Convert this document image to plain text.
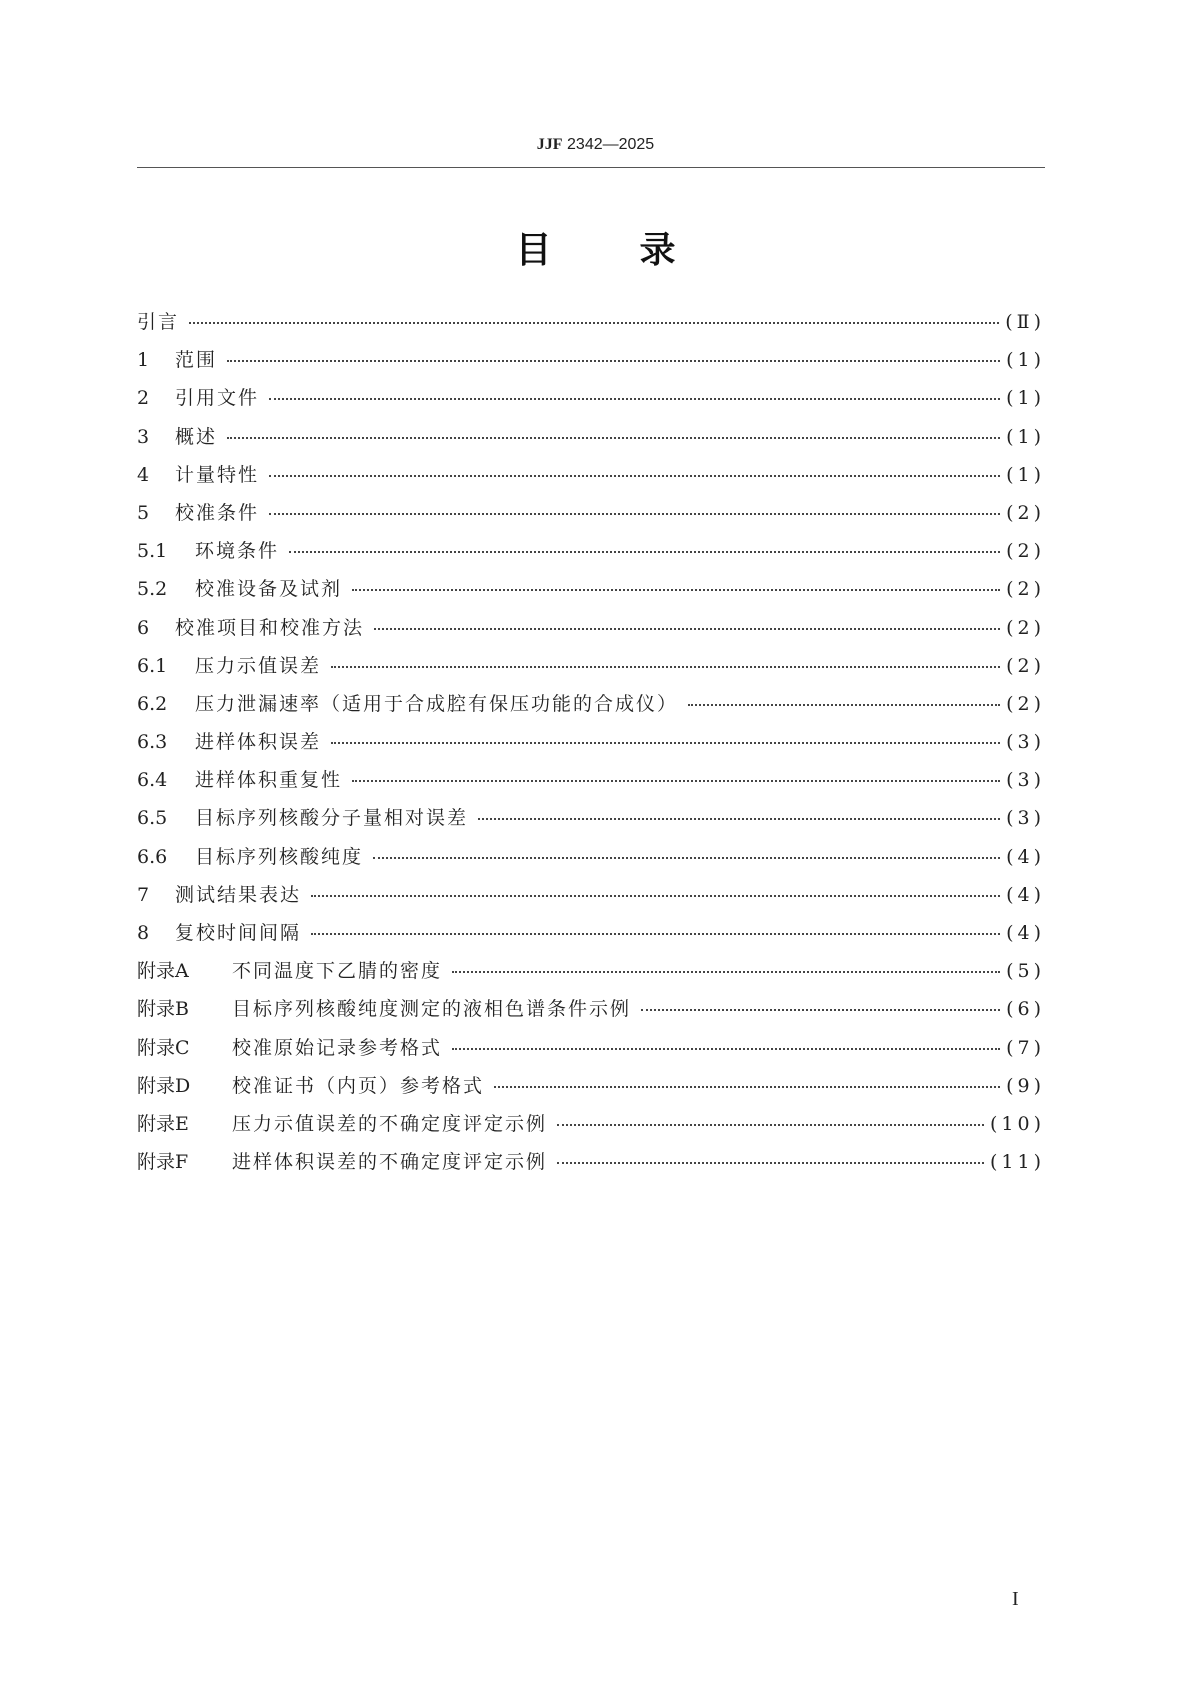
JJF 2342—2025
目录
引言	(Ⅱ)
1	范围	(1)
2	引用文件	(1)
3	概述	(1)
4	计量特性	(1)
5	校准条件	(2)
5.1	环境条件	(2)
5.2	校准设备及试剂	(2)
6	校准项目和校准方法	(2)
6.1	压力示值误差	(2)
6.2	压力泄漏速率（适用于合成腔有保压功能的合成仪）	(2)
6.3	进样体积误差	(3)
6.4	进样体积重复性	(3)
6.5	目标序列核酸分子量相对误差	(3)
6.6	目标序列核酸纯度	(4)
7	测试结果表达	(4)
8	复校时间间隔	(4)
附录A	不同温度下乙腈的密度	(5)
附录B	目标序列核酸纯度测定的液相色谱条件示例	(6)
附录C	校准原始记录参考格式	(7)
附录D	校准证书（内页）参考格式	(9)
附录E	压力示值误差的不确定度评定示例	(10)
附录F	进样体积误差的不确定度评定示例	(11)
I
